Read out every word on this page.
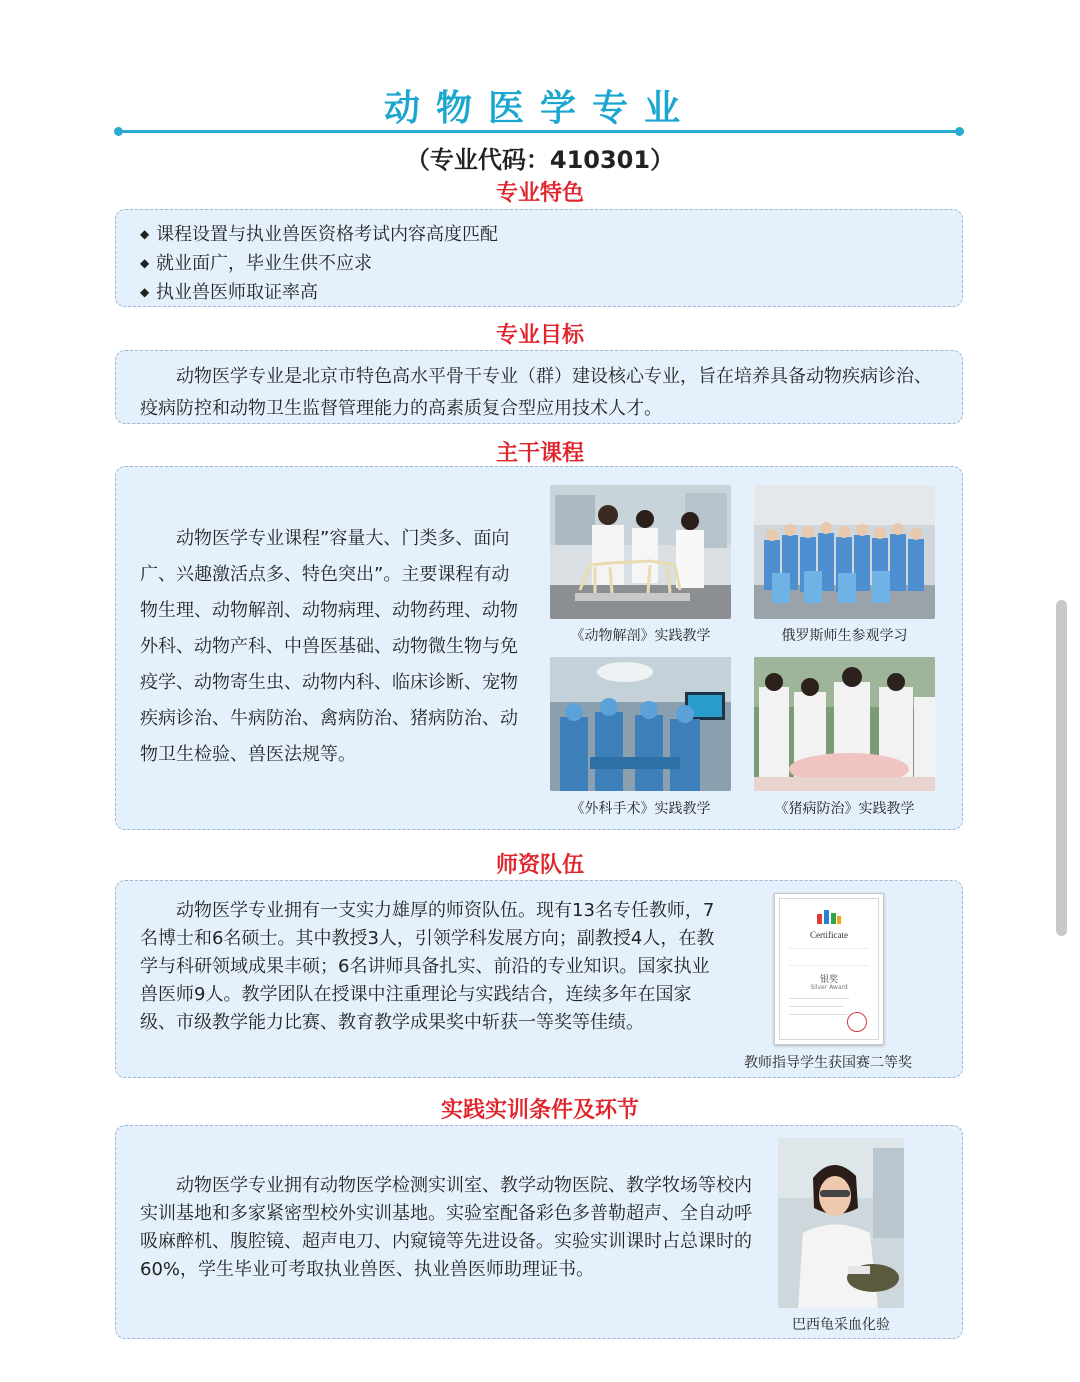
动物医学专业
（专业代码：410301）
专业特色
◆ 课程设置与执业兽医资格考试内容高度匹配
◆ 就业面广，毕业生供不应求
◆ 执业兽医师取证率高
专业目标

动物医学专业是北京市特色高水平骨干专业（群）建设核心专业，旨在培养具备动物疾病诊治、疫病防控和动物卫生监督管理能力的高素质复合型应用技术人才。

主干课程

动物医学专业课程”容量大、门类多、面向广、兴趣激活点多、特色突出”。主要课程有动物生理、动物解剖、动物病理、动物药理、动物外科、动物产科、中兽医基础、动物微生物与免疫学、动物寄生虫、动物内科、临床诊断、宠物疾病诊治、牛病防治、禽病防治、猪病防治、动物卫生检验、兽医法规等。

《动物解剖》实践教学	俄罗斯师生参观学习
《外科手术》实践教学	《猪病防治》实践教学
师资队伍

动物医学专业拥有一支实力雄厚的师资队伍。现有13名专任教师，7名博士和6名硕士。其中教授3人，引领学科发展方向；副教授4人，在教学与科研领域成果丰硕；6名讲师具备扎实、前沿的专业知识。国家执业兽医师9人。教学团队在授课中注重理论与实践结合，连续多年在国家级、市级教学能力比赛、教育教学成果奖中斩获一等奖等佳绩。

Certificate
银奖
Silver Award
教师指导学生获国赛二等奖
实践实训条件及环节

动物医学专业拥有动物医学检测实训室、教学动物医院、教学牧场等校内实训基地和多家紧密型校外实训基地。实验室配备彩色多普勒超声、全自动呼吸麻醉机、腹腔镜、超声电刀、内窥镜等先进设备。实验实训课时占总课时的60%，学生毕业可考取执业兽医、执业兽医师助理证书。

巴西龟采血化验
